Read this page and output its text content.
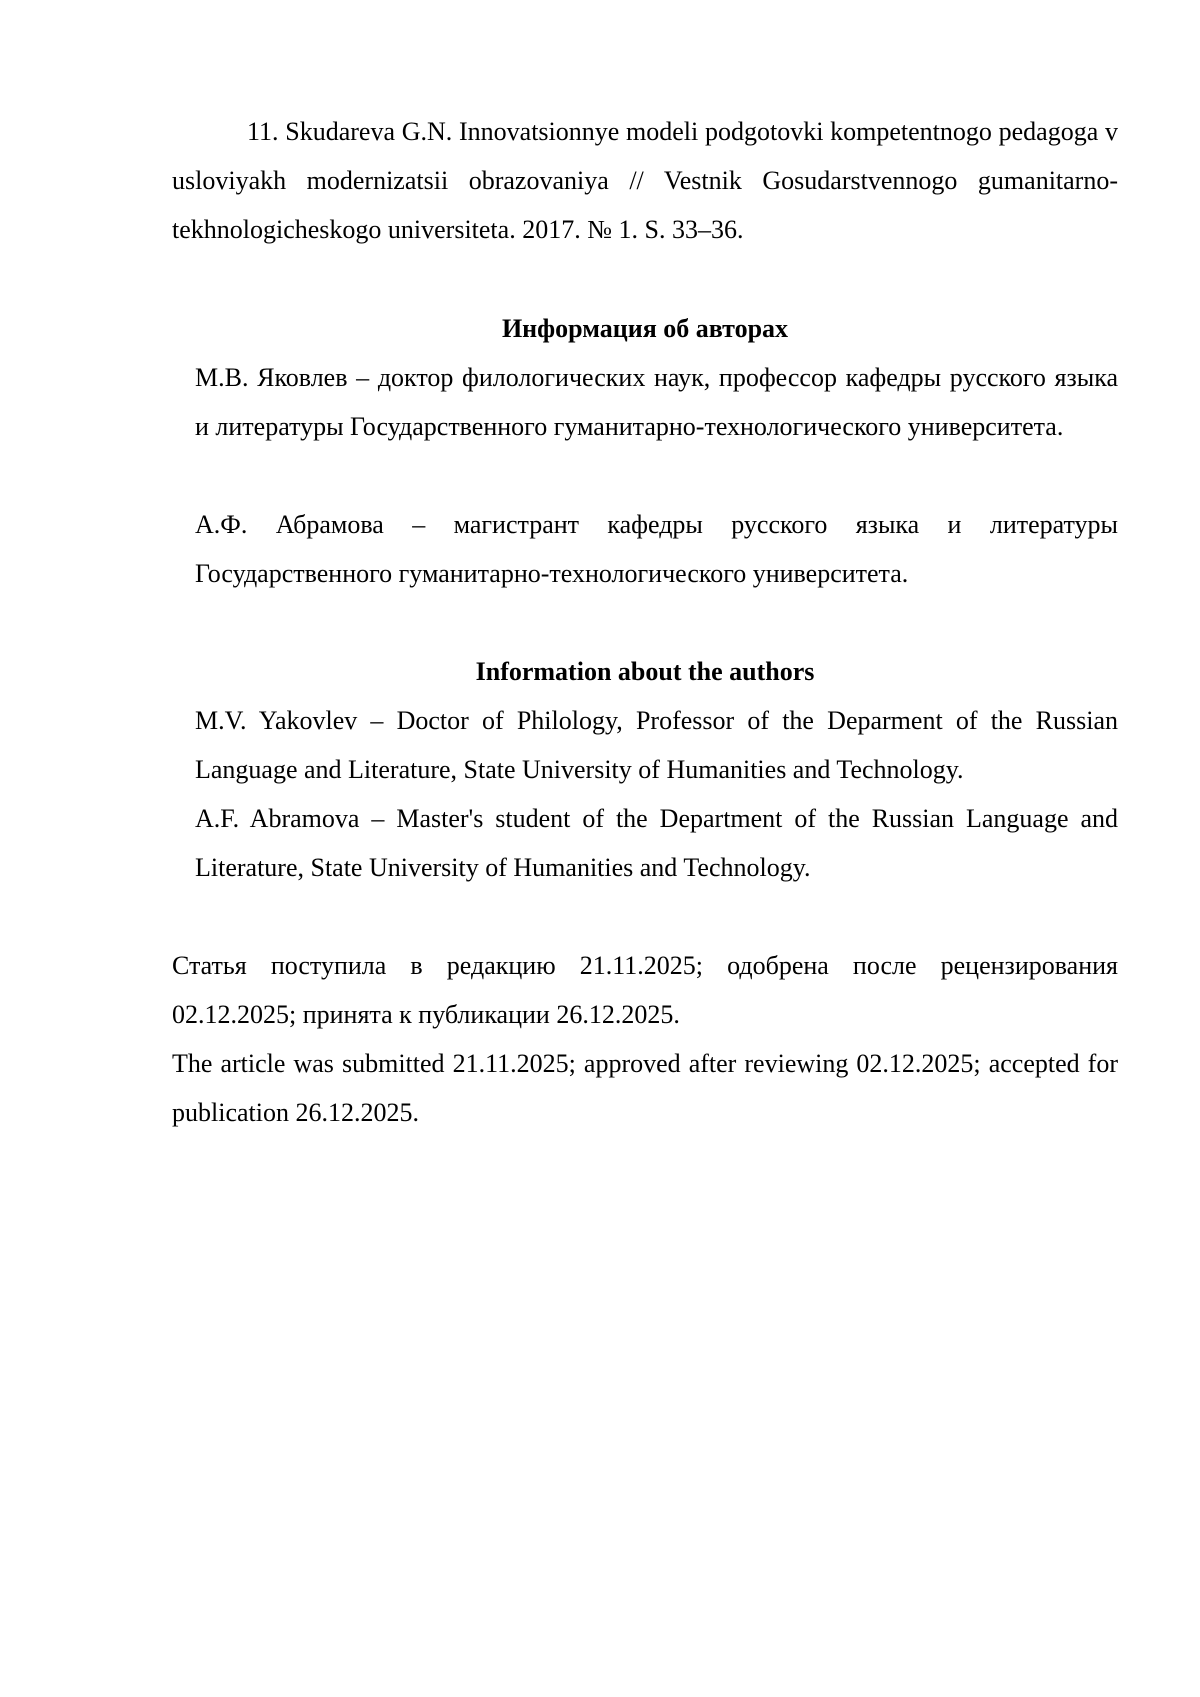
11. Skudareva G.N. Innovatsionnye modeli podgotovki kompetentnogo pedagoga v usloviyakh modernizatsii obrazovaniya // Vestnik Gosudarstvennogo gumanitarno-tekhnologicheskogo universiteta. 2017. № 1. S. 33–36.

Информация об авторах

М.В. Яковлев – доктор филологических наук, профессор кафедры русского языка и литературы Государственного гуманитарно-технологического университета.

А.Ф. Абрамова – магистрант кафедры русского языка и литературы Государственного гуманитарно-технологического университета.

Information about the authors

M.V. Yakovlev – Doctor of Philology, Professor of the Deparment of the Russian Language and Literature, State University of Humanities and Technology.

A.F. Abramova – Master's student of the Department of the Russian Language and Literature, State University of Humanities and Technology.

Статья поступила в редакцию 21.11.2025; одобрена после рецензирования 02.12.2025; принята к публикации 26.12.2025.

The article was submitted 21.11.2025; approved after reviewing 02.12.2025; accepted for publication 26.12.2025.
